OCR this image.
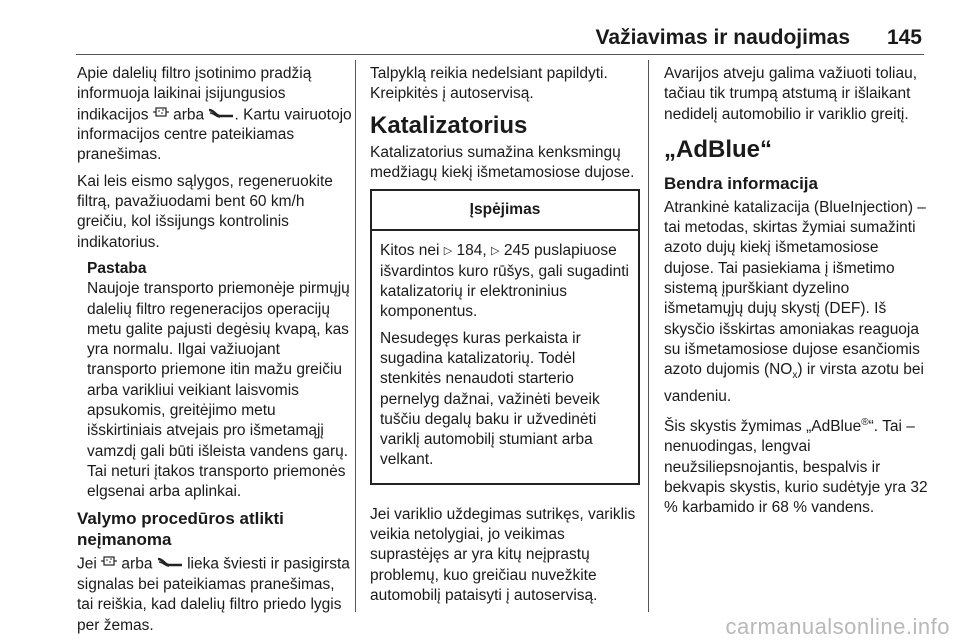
Važiavimas ir naudojimas 145

Apie dalelių filtro įsotinimo pradžią informuoja laikinai įsijungusios indikacijos  arba . Kartu vairuotojo informacijos centre pateikiamas pranešimas.

Kai leis eismo sąlygos, regeneruokite filtrą, pavažiuodami bent 60 km/h greičiu, kol išsijungs kontrolinis indikatorius.

Pastaba
Naujoje transporto priemonėje pirmųjų dalelių filtro regeneracijos operacijų metu galite pajusti degėsių kvapą, kas yra normalu. Ilgai važiuojant transporto priemone itin mažu greičiu arba varikliui veikiant laisvomis apsukomis, greitėjimo metu išskirtiniais atvejais pro išmetamąjį vamzdį gali būti išleista vandens garų. Tai neturi įtakos transporto priemonės elgsenai arba aplinkai.
Valymo procedūros atlikti neįmanoma

Jei  arba  lieka šviesti ir pasigirsta signalas bei pateikiamas pranešimas, tai reiškia, kad dalelių filtro priedo lygis per žemas.

Talpyklą reikia nedelsiant papildyti. Kreipkitės į autoservisą.

Katalizatorius

Katalizatorius sumažina kenksmingų medžiagų kiekį išmetamosiose dujose.

Įspėjimas

Kitos nei ▷ 184, ▷ 245 puslapiuose išvardintos kuro rūšys, gali sugadinti katalizatorių ir elektroninius komponentus.

Nesudegęs kuras perkaista ir sugadina katalizatorių. Todėl stenkitės nenaudoti starterio pernelyg dažnai, važinėti beveik tuščiu degalų baku ir užvedinėti variklį automobilį stumiant arba velkant.

Jei variklio uždegimas sutrikęs, variklis veikia netolygiai, jo veikimas suprastėjęs ar yra kitų neįprastų problemų, kuo greičiau nuvežkite automobilį pataisyti į autoservisą.

Avarijos atveju galima važiuoti toliau, tačiau tik trumpą atstumą ir išlaikant nedidelį automobilio ir variklio greitį.

„AdBlue“
Bendra informacija

Atrankinė katalizacija (BlueInjection) – tai metodas, skirtas žymiai sumažinti azoto dujų kiekį išmetamosiose dujose. Tai pasiekiama į išmetimo sistemą įpurškiant dyzelino išmetamųjų dujų skystį (DEF). Iš skysčio išskirtas amoniakas reaguoja su išmetamosiose dujose esančiomis azoto dujomis $(NO_x)$ ir virsta azotu bei vandeniu.

Šis skystis žymimas „AdBlue®“. Tai – nenuodingas, lengvai neužsiliepsnojantis, bespalvis ir bekvapis skystis, kurio sudėtyje yra 32 % karbamido ir 68 % vandens.

carmanualsonline.info
